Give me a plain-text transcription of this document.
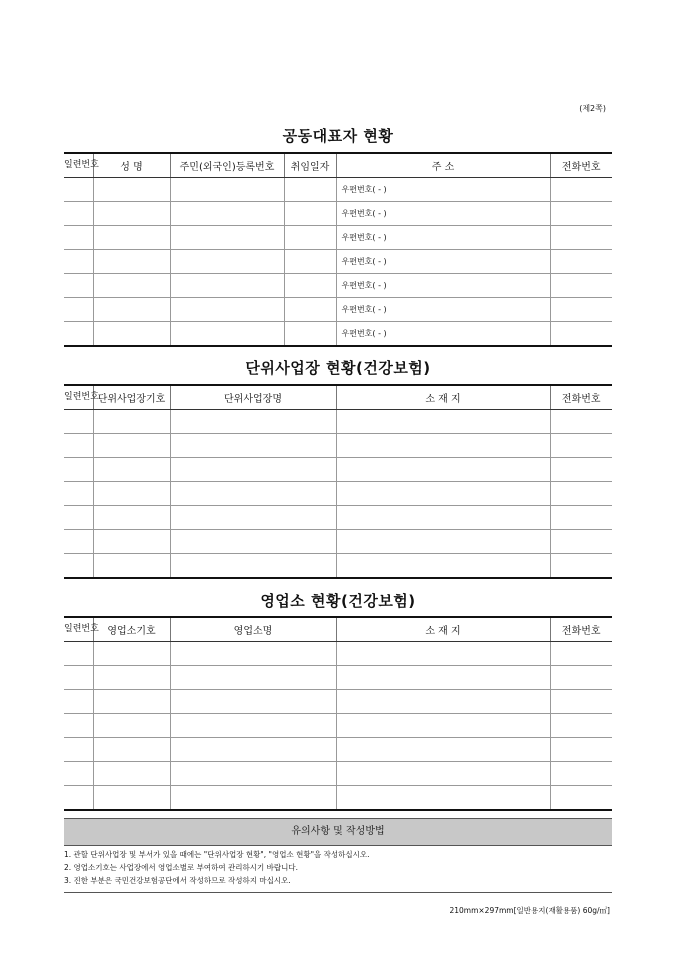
(제2쪽)
공동대표자 현황
일련번호	성 명	주민(외국인)등록번호	취임일자	주 소	전화번호
				우편번호( - )	
				우편번호( - )	
				우편번호( - )	
				우편번호( - )	
				우편번호( - )	
				우편번호( - )	
				우편번호( - )	
단위사업장 현황(건강보험)
일련번호	단위사업장기호	단위사업장명	소 재 지	전화번호

영업소 현황(건강보험)
일련번호	영업소기호	영업소명	소 재 지	전화번호

유의사항 및 작성방법
1. 관할 단위사업장 및 부서가 있을 때에는 "단위사업장 현황", "영업소 현황"을 작성하십시오.
2. 영업소기호는 사업장에서 영업소별로 부여하여 관리하시기 바랍니다.
3. 진한 부분은 국민건강보험공단에서 작성하므로 작성하지 마십시오.
210mm×297mm[일반용지(재활용품) 60g/㎡]
